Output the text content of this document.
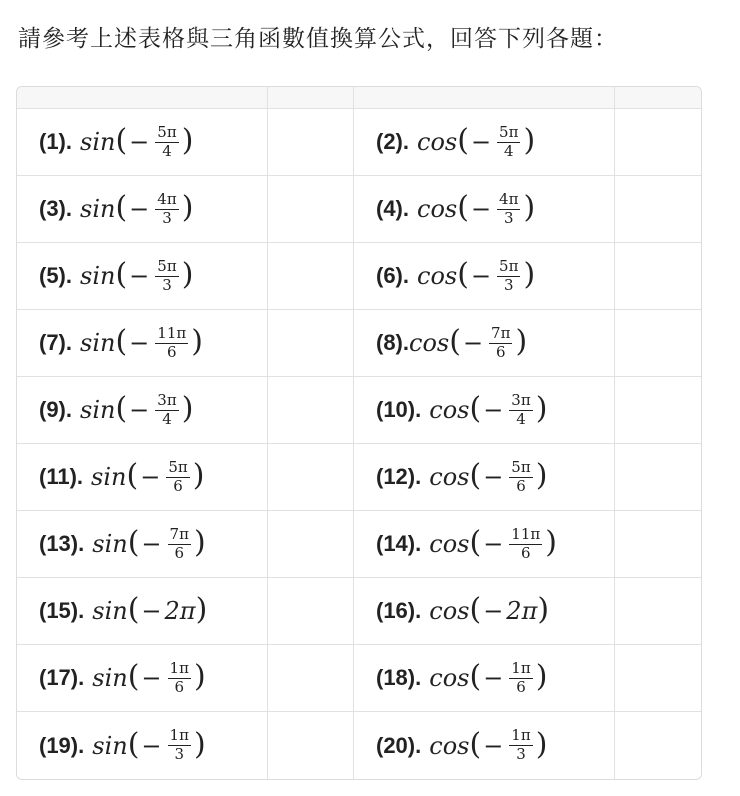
請參考上述表格與三角函數值換算公式，回答下列各題：
(1). sin ( − $\frac{5\pi}{4}$ )	(2). cos ( − $\frac{5\pi}{4}$ )
(3). sin ( − $\frac{4\pi}{3}$ )	(4). cos ( − $\frac{4\pi}{3}$ )
(5). sin ( − $\frac{5\pi}{3}$ )	(6). cos ( − $\frac{5\pi}{3}$ )
(7). sin ( − $\frac{11\pi}{6}$ )	(8). cos ( − $\frac{7\pi}{6}$ )
(9). sin ( − $\frac{3\pi}{4}$ )	(10). cos ( − $\frac{3\pi}{4}$ )
(11). sin ( − $\frac{5\pi}{6}$ )	(12). cos ( − $\frac{5\pi}{6}$ )
(13). sin ( − $\frac{7\pi}{6}$ )	(14). cos ( − $\frac{11\pi}{6}$ )
(15). sin ( − 2π )	(16). cos ( − 2π )
(17). sin ( − $\frac{1\pi}{6}$ )	(18). cos ( − $\frac{1\pi}{6}$ )
(19). sin ( − $\frac{1\pi}{3}$ )	(20). cos ( − $\frac{1\pi}{3}$ )
